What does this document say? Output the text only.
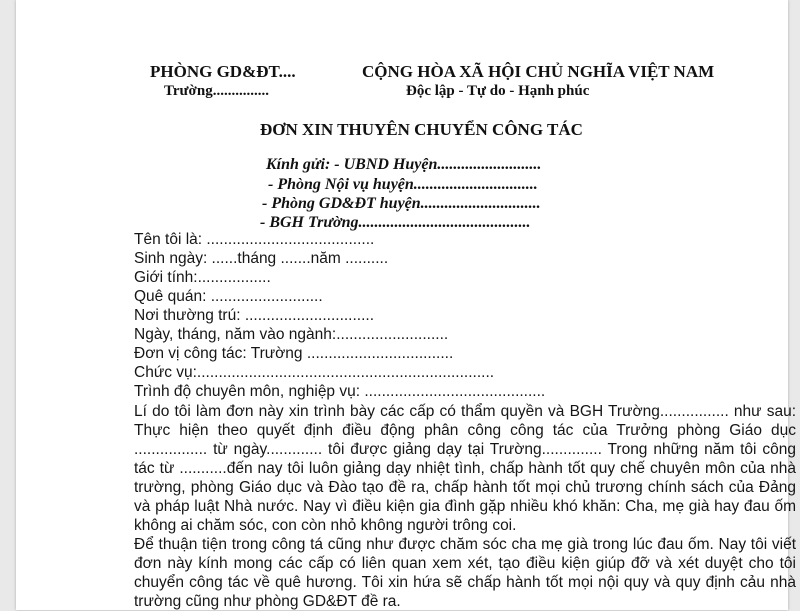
PHÒNG GD&ĐT....
Trường...............
CỘNG HÒA XÃ HỘI CHỦ NGHĨA VIỆT NAM
Độc lập - Tự do - Hạnh phúc
ĐƠN XIN THUYÊN CHUYỂN CÔNG TÁC
Kính gửi: - UBND Huyện..........................
- Phòng Nội vụ huyện...............................
- Phòng GD&ĐT huyện..............................
- BGH Trường...........................................
Tên tôi là: .......................................
Sinh ngày: ......tháng .......năm ..........
Giới tính:.................
Quê quán: ..........................
Nơi thường trú: ..............................
Ngày, tháng, năm vào ngành:..........................
Đơn vị công tác: Trường ..................................
Chức vụ:.....................................................................
Trình độ chuyên môn, nghiệp vụ: ..........................................
Lí do tôi làm đơn này xin trình bày các cấp có thẩm quyền và BGH Trường................ như sau: Thực hiện theo quyết định điều động phân công công tác của Trưởng phòng Giáo dục ................. từ ngày............. tôi được giảng dạy tại Trường.............. Trong những năm tôi công tác từ ...........đến nay tôi luôn giảng dạy nhiệt tình, chấp hành tốt quy chế chuyên môn của nhà trường, phòng Giáo dục và Đào tạo đề ra, chấp hành tốt mọi chủ trương chính sách của Đảng và pháp luật Nhà nước. Nay vì điều kiện gia đình gặp nhiều khó khăn: Cha, mẹ già hay đau ốm không ai chăm sóc, con còn nhỏ không người trông coi.
Để thuận tiện trong công tá cũng như được chăm sóc cha mẹ già trong lúc đau ốm. Nay tôi viết đơn này kính mong các cấp có liên quan xem xét, tạo điều kiện giúp đỡ và xét duyệt cho tôi chuyển công tác về quê hương. Tôi xin hứa sẽ chấp hành tốt mọi nội quy và quy định cảu nhà trường cũng như phòng GD&ĐT đề ra.
